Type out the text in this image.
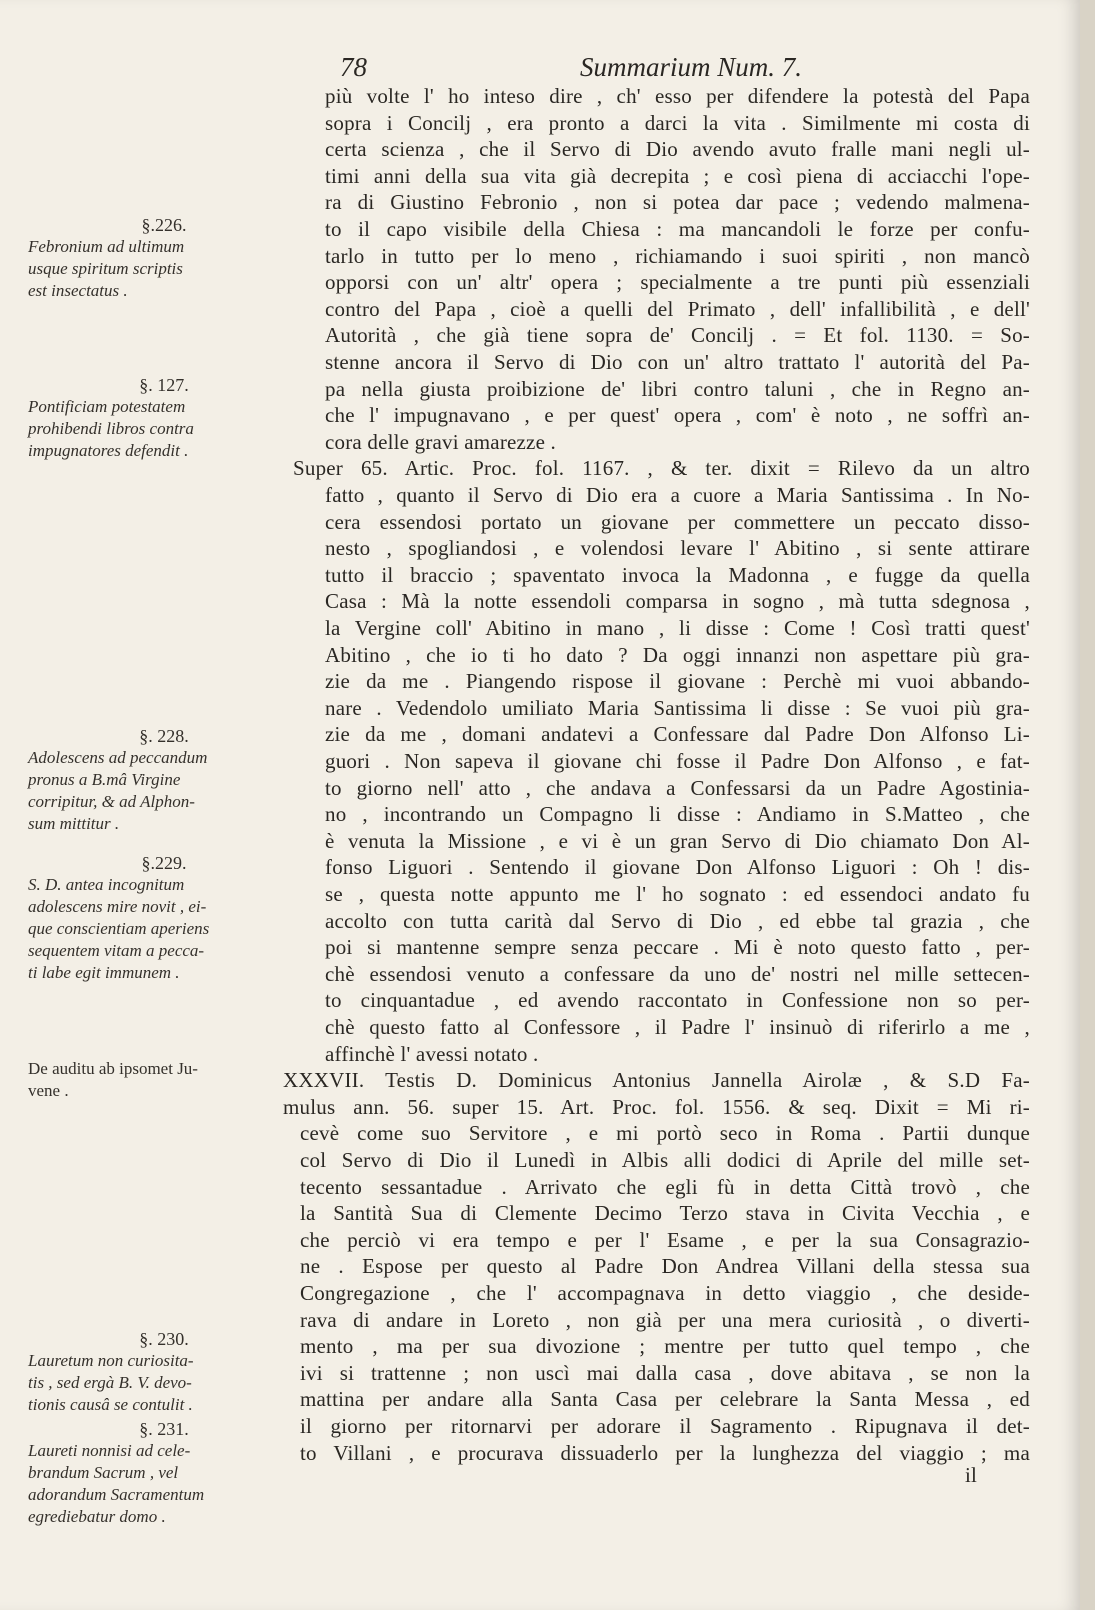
78	Summarium Num. 7.
più volte l' ho inteso dire , ch' esso per difendere la potestà del Papa
sopra i Concilj , era pronto a darci la vita . Similmente mi costa di
certa scienza , che il Servo di Dio avendo avuto fralle mani negli ul-
timi anni della sua vita già decrepita ; e così piena di acciacchi l'ope-
ra di Giustino Febronio , non si potea dar pace ; vedendo malmena-
to il capo visibile della Chiesa : ma mancandoli le forze per confu-
tarlo in tutto per lo meno , richiamando i suoi spiriti , non mancò
opporsi con un' altr' opera ; specialmente a tre punti più essenziali
contro del Papa , cioè a quelli del Primato , dell' infallibilità , e dell'
Autorità , che già tiene sopra de' Concilj . = Et fol. 1130. = So-
stenne ancora il Servo di Dio con un' altro trattato l' autorità del Pa-
pa nella giusta proibizione de' libri contro taluni , che in Regno an-
che l' impugnavano , e per quest' opera , com' è noto , ne soffrì an-
cora delle gravi amarezze .
Super 65. Artic. Proc. fol. 1167. , & ter. dixit = Rilevo da un altro
fatto , quanto il Servo di Dio era a cuore a Maria Santissima . In No-
cera essendosi portato un giovane per commettere un peccato disso-
nesto , spogliandosi , e volendosi levare l' Abitino , si sente attirare
tutto il braccio ; spaventato invoca la Madonna , e fugge da quella
Casa : Mà la notte essendoli comparsa in sogno , mà tutta sdegnosa ,
la Vergine coll' Abitino in mano , li disse : Come ! Così tratti quest'
Abitino , che io ti ho dato ? Da oggi innanzi non aspettare più gra-
zie da me . Piangendo rispose il giovane : Perchè mi vuoi abbando-
nare . Vedendolo umiliato Maria Santissima li disse : Se vuoi più gra-
zie da me , domani andatevi a Confessare dal Padre Don Alfonso Li-
guori . Non sapeva il giovane chi fosse il Padre Don Alfonso , e fat-
to giorno nell' atto , che andava a Confessarsi da un Padre Agostinia-
no , incontrando un Compagno li disse : Andiamo in S.Matteo , che
è venuta la Missione , e vi è un gran Servo di Dio chiamato Don Al-
fonso Liguori . Sentendo il giovane Don Alfonso Liguori : Oh ! dis-
se , questa notte appunto me l' ho sognato : ed essendoci andato fu
accolto con tutta carità dal Servo di Dio , ed ebbe tal grazia , che
poi si mantenne sempre senza peccare . Mi è noto questo fatto , per-
chè essendosi venuto a confessare da uno de' nostri nel mille settecen-
to cinquantadue , ed avendo raccontato in Confessione non so per-
chè questo fatto al Confessore , il Padre l' insinuò di riferirlo a me ,
affinchè l' avessi notato .
XXXVII. Testis D. Dominicus Antonius Jannella Airolæ , & S.D Fa-
mulus ann. 56. super 15. Art. Proc. fol. 1556. & seq. Dixit = Mi ri-
cevè come suo Servitore , e mi portò seco in Roma . Partii dunque
col Servo di Dio il Lunedì in Albis alli dodici di Aprile del mille set-
tecento sessantadue . Arrivato che egli fù in detta Città trovò , che
la Santità Sua di Clemente Decimo Terzo stava in Civita Vecchia , e
che perciò vi era tempo e per l' Esame , e per la sua Consagrazio-
ne . Espose per questo al Padre Don Andrea Villani della stessa sua
Congregazione , che l' accompagnava in detto viaggio , che deside-
rava di andare in Loreto , non già per una mera curiosità , o diverti-
mento , ma per sua divozione ; mentre per tutto quel tempo , che
ivi si trattenne ; non uscì mai dalla casa , dove abitava , se non la
mattina per andare alla Santa Casa per celebrare la Santa Messa , ed
il giorno per ritornarvi per adorare il Sagramento . Ripugnava il det-
to Villani , e procurava dissuaderlo per la lunghezza del viaggio ; ma
il
§.226.
Febronium ad ultimum
usque spiritum scriptis
est insectatus .
§. 127.
Pontificiam potestatem
prohibendi libros contra
impugnatores defendit .
§. 228.
Adolescens ad peccandum
pronus a B.mâ Virgine
corripitur, & ad Alphon-
sum mittitur .
§.229.
S. D. antea incognitum
adolescens mire novit , ei-
que conscientiam aperiens
sequentem vitam a pecca-
ti labe egit immunem .
De auditu ab ipsomet Ju-
vene .
§. 230.
Lauretum non curiosita-
tis , sed ergà B. V. devo-
tionis causâ se contulit .
§. 231.
Laureti nonnisi ad cele-
brandum Sacrum , vel
adorandum Sacramentum
egrediebatur domo .
